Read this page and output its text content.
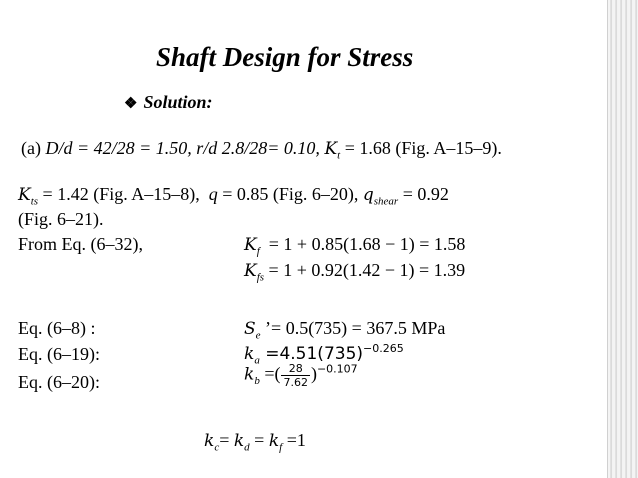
Shaft Design for Stress
❖ Solution:
(a) D/d = 42/28 = 1.50, r/d 2.8/28= 0.10, $K_t = 1.68$ (Fig. A–15–9).
$K_{ts} = 1.42$ (Fig. A–15–8), q = 0.85 (Fig. 6–20), $q_{shear} = 0.92$
(Fig. 6–21).
From Eq. (6–32),	$K_f = 1 + 0.85(1.68 - 1) = 1.58$
$K_{fs} = 1 + 0.92(1.42 - 1) = 1.39$
Eq. (6–8) :	$S_e$ ’= 0.5(735) = 367.5 MPa
Eq. (6–19):	$k_a =4.51(735)^{-0.265}$
Eq. (6–20):	$k_b$ =( $\frac{28}{7.62} )^{-0.107}$
$k_c= k_d = k_f =1$
